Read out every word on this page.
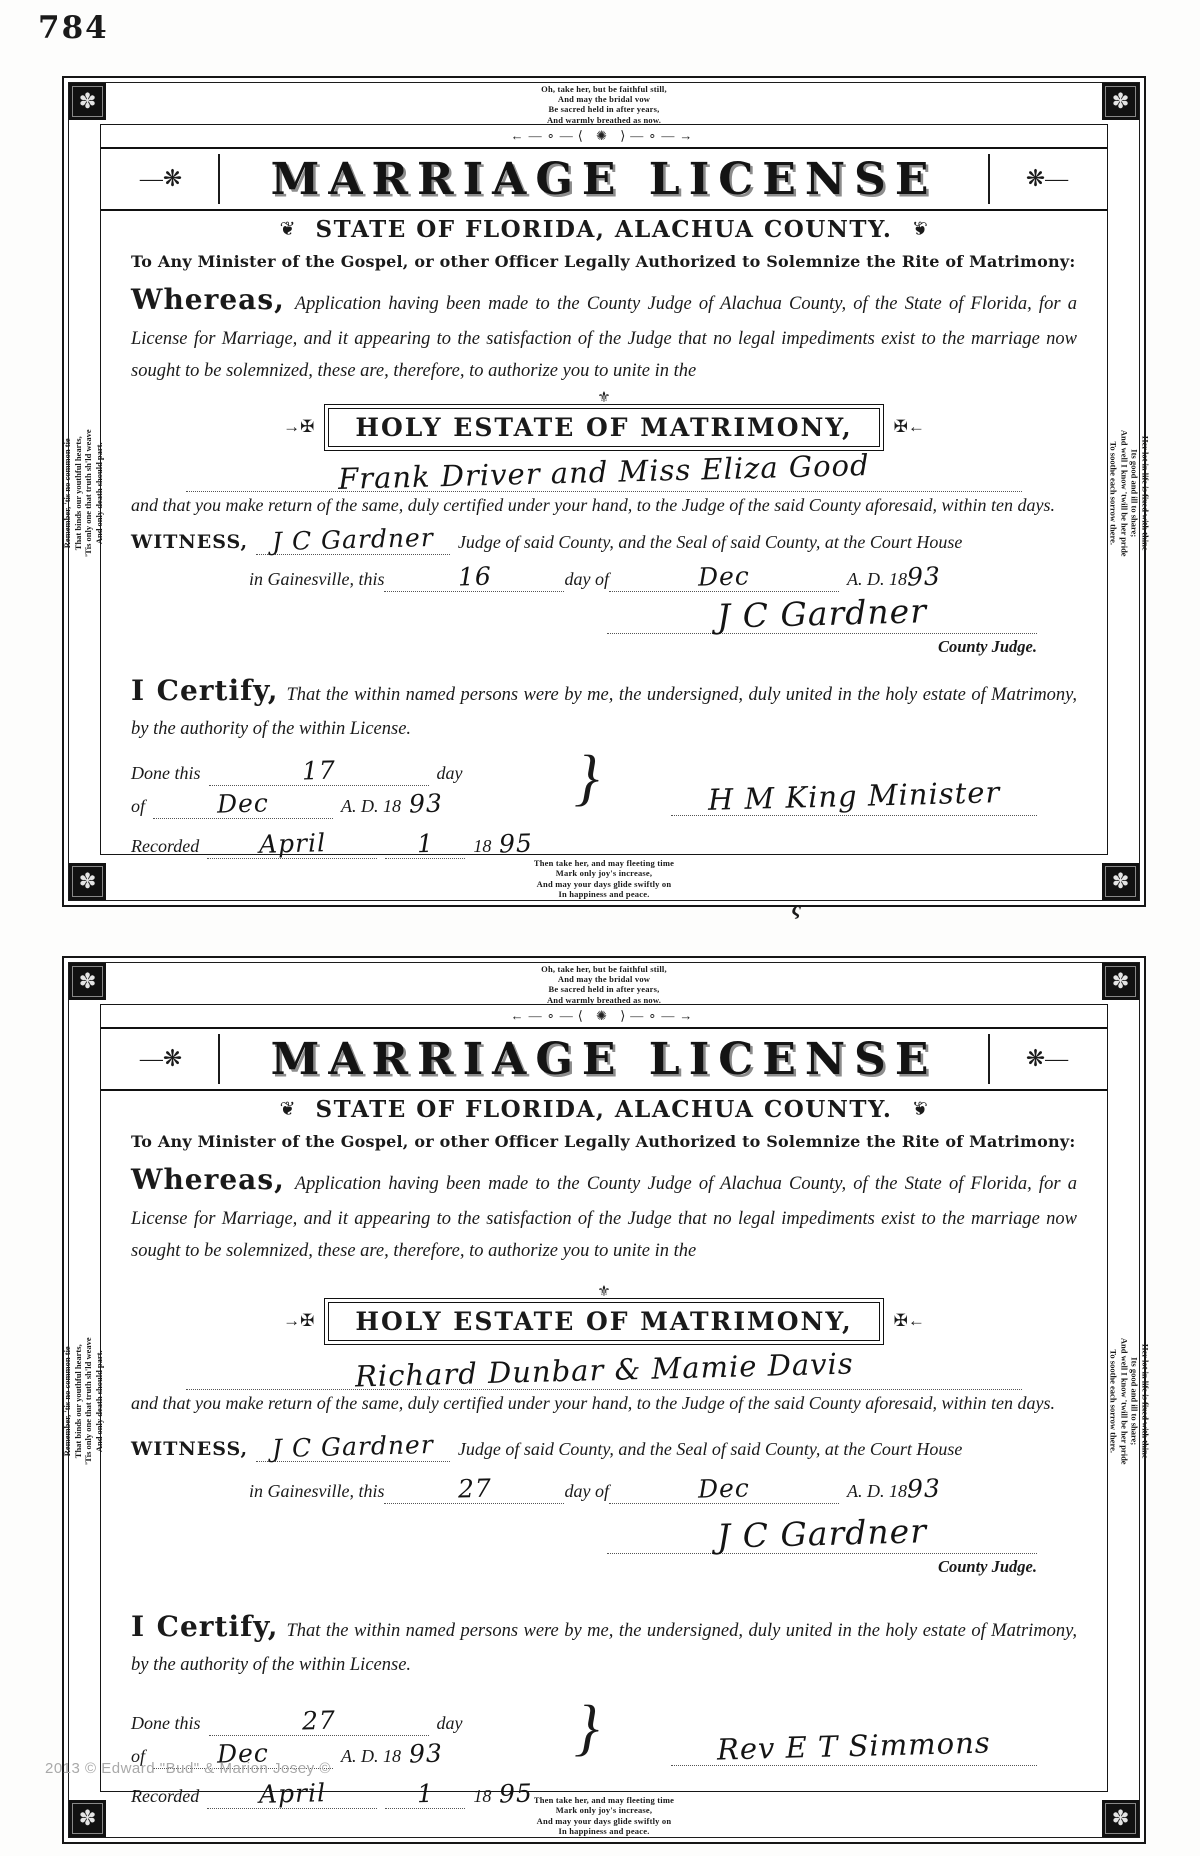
784
✽	✽
✽	✽
Oh, take her, but be faithful still,
And may the bridal vow
Be sacred held in after years,
And warmly breathed as now.
Remember, 'tis no common tie That binds our youthful hearts, 'Tis only one that truth sh'ld weave And only death should part.	Her lot in life is fixed with thine
Its good and ill to share;
And well I know 'twill be her pride
To soothe each sorrow there.
Then take her, and may fleeting time
Mark only joy's increase,
And may your days glide swiftly on
In happiness and peace.
←―∘―⟨ ✺ ⟩―∘―→
―❋	MARRIAGE LICENSE	❋―
❦ STATE OF FLORIDA, ALACHUA COUNTY. ❦
To Any Minister of the Gospel, or other Officer Legally Authorized to Solemnize the Rite of Matrimony:
Whereas, Application having been made to the County Judge of Alachua County, of the State of Florida, for a License for Marriage, and it appearing to the satisfaction of the Judge that no legal impediments exist to the marriage now sought to be solemnized, these are, therefore, to authorize you to unite in the
⚜
→✠	HOLY ESTATE OF MATRIMONY,	✠←
Frank Driver and Miss Eliza Good
and that you make return of the same, duly certified under your hand, to the Judge of the said County aforesaid, within ten days.
WITNESS, J C Gardner	Judge of said County, and the Seal of said County, at the Court House
in Gainesville, this	16	day of	Dec	A. D. 18 93
J C Gardner
County Judge.
I Certify, That the within named persons were by me, the undersigned, duly united in the holy estate of Matrimony, by the authority of the within License.
}
Done this	17	day
of	Dec	A. D. 18 93
Recorded	April	1	18 95
H M King Minister
✽	✽
✽	✽
Oh, take her, but be faithful still,
And may the bridal vow
Be sacred held in after years,
And warmly breathed as now.
Remember, 'tis no common tie That binds our youthful hearts, 'Tis only one that truth sh'ld weave And only death should part.	Her lot in life is fixed with thine
Its good and ill to share;
And well I know 'twill be her pride
To soothe each sorrow there.
Then take her, and may fleeting time
Mark only joy's increase,
And may your days glide swiftly on
In happiness and peace.
←―∘―⟨ ✺ ⟩―∘―→
―❋	MARRIAGE LICENSE	❋―
❦ STATE OF FLORIDA, ALACHUA COUNTY. ❦
To Any Minister of the Gospel, or other Officer Legally Authorized to Solemnize the Rite of Matrimony:
Whereas, Application having been made to the County Judge of Alachua County, of the State of Florida, for a License for Marriage, and it appearing to the satisfaction of the Judge that no legal impediments exist to the marriage now sought to be solemnized, these are, therefore, to authorize you to unite in the
⚜
→✠	HOLY ESTATE OF MATRIMONY,	✠←
Richard Dunbar & Mamie Davis
and that you make return of the same, duly certified under your hand, to the Judge of the said County aforesaid, within ten days.
WITNESS, J C Gardner	Judge of said County, and the Seal of said County, at the Court House
in Gainesville, this	27	day of	Dec	A. D. 18 93
J C Gardner
County Judge.
I Certify, That the within named persons were by me, the undersigned, duly united in the holy estate of Matrimony, by the authority of the within License.
}
Done this	27	day
of	Dec	A. D. 18 93
Recorded	April	1	18 95
Rev E T Simmons
ς
2013 © Edward "Bud" & Marion Josey ©
